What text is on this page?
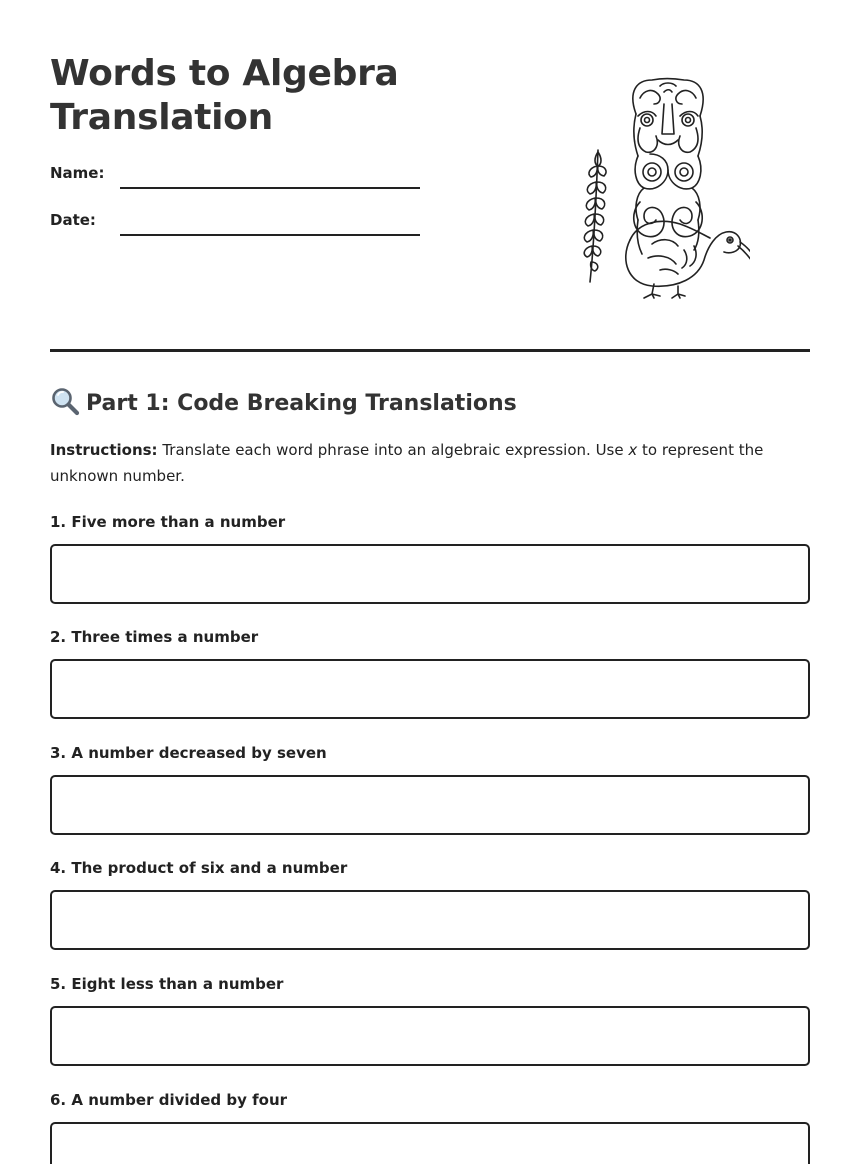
Words to Algebra Translation
Name:
Date:
Part 1: Code Breaking Translations
Instructions: Translate each word phrase into an algebraic expression. Use x to represent the unknown number.
1. Five more than a number
2. Three times a number
3. A number decreased by seven
4. The product of six and a number
5. Eight less than a number
6. A number divided by four
